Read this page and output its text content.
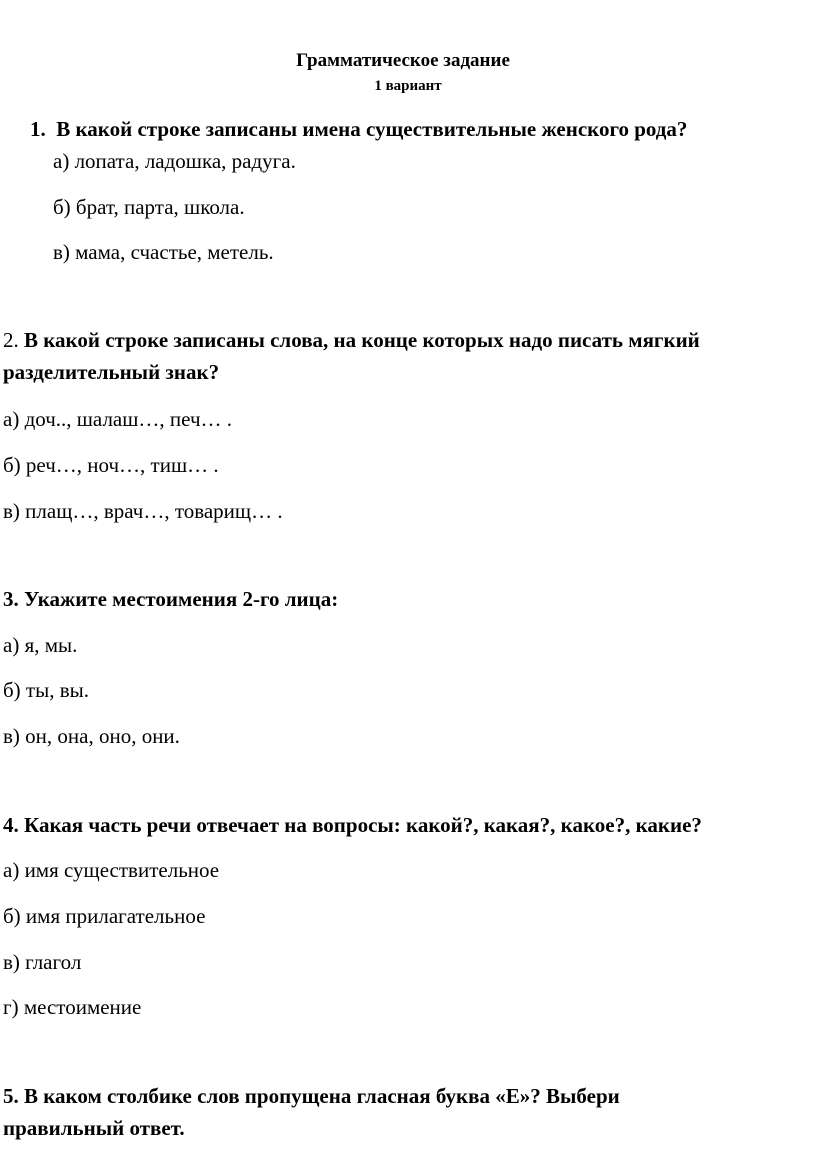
Грамматическое задание
1 вариант
1. В какой строке записаны имена существительные женского рода?
а) лопата, ладошка, радуга.
б) брат, парта, школа.
в) мама, счастье, метель.
2. В какой строке записаны слова, на конце которых надо писать мягкий
разделительный знак?
а) доч.., шалаш…, печ… .
б) реч…, ноч…, тиш… .
в) плащ…, врач…, товарищ… .
3. Укажите местоимения 2-го лица:
а) я, мы.
б) ты, вы.
в) он, она, оно, они.
4. Какая часть речи отвечает на вопросы: какой?, какая?, какое?, какие?
а) имя существительное
б) имя прилагательное
в) глагол
г) местоимение
5. В каком столбике слов пропущена гласная буква «Е»? Выбери
правильный ответ.
